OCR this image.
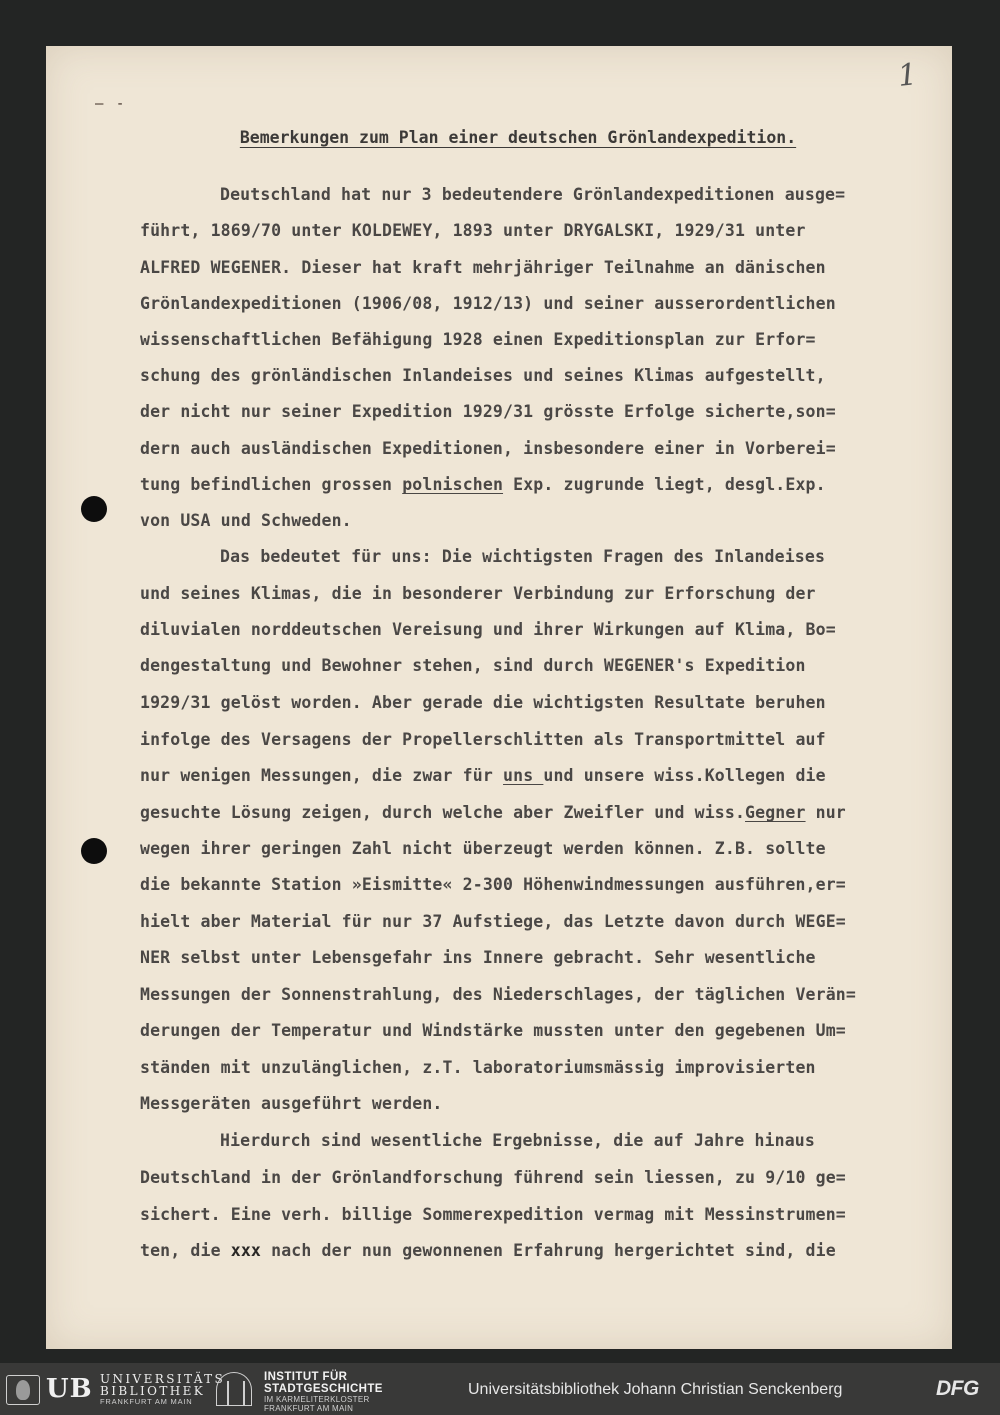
1
— -
Bemerkungen zum Plan einer deutschen Grönlandexpedition.
Deutschland hat nur 3 bedeutendere Grönlandexpeditionen ausge=
führt, 1869/70 unter KOLDEWEY, 1893 unter DRYGALSKI, 1929/31 unter
ALFRED WEGENER. Dieser hat kraft mehrjähriger Teilnahme an dänischen
Grönlandexpeditionen (1906/08, 1912/13) und seiner ausserordentlichen
wissenschaftlichen Befähigung 1928 einen Expeditionsplan zur Erfor=
schung des grönländischen Inlandeises und seines Klimas aufgestellt,
der nicht nur seiner Expedition 1929/31 grösste Erfolge sicherte,son=
dern auch ausländischen Expeditionen, insbesondere einer in Vorberei=
tung befindlichen grossen polnischen Exp. zugrunde liegt, desgl.Exp.
von USA und Schweden.
Das bedeutet für uns: Die wichtigsten Fragen des Inlandeises
und seines Klimas, die in besonderer Verbindung zur Erforschung der
diluvialen norddeutschen Vereisung und ihrer Wirkungen auf Klima, Bo=
dengestaltung und Bewohner stehen, sind durch WEGENER's Expedition
1929/31 gelöst worden. Aber gerade die wichtigsten Resultate beruhen
infolge des Versagens der Propellerschlitten als Transportmittel auf
nur wenigen Messungen, die zwar für uns und unsere wiss.Kollegen die
gesuchte Lösung zeigen, durch welche aber Zweifler und wiss.Gegner nur
wegen ihrer geringen Zahl nicht überzeugt werden können. Z.B. sollte
die bekannte Station »Eismitte« 2-300 Höhenwindmessungen ausführen,er=
hielt aber Material für nur 37 Aufstiege, das Letzte davon durch WEGE=
NER selbst unter Lebensgefahr ins Innere gebracht. Sehr wesentliche
Messungen der Sonnenstrahlung, des Niederschlages, der täglichen Verän=
derungen der Temperatur und Windstärke mussten unter den gegebenen Um=
ständen mit unzulänglichen, z.T. laboratoriumsmässig improvisierten
Messgeräten ausgeführt werden.
Hierdurch sind wesentliche Ergebnisse, die auf Jahre hinaus
Deutschland in der Grönlandforschung führend sein liessen, zu 9/10 ge=
sichert. Eine verh. billige Sommerexpedition vermag mit Messinstrumen=
ten, die xxx nach der nun gewonnenen Erfahrung hergerichtet sind, die
UB UNIVERSITÄTS
BIBLIOTHEK
FRANKFURT AM MAIN
INSTITUT FÜR
STADTGESCHICHTE
IM KARMELITERKLOSTER
FRANKFURT AM MAIN
Universitätsbibliothek Johann Christian Senckenberg	DFG
